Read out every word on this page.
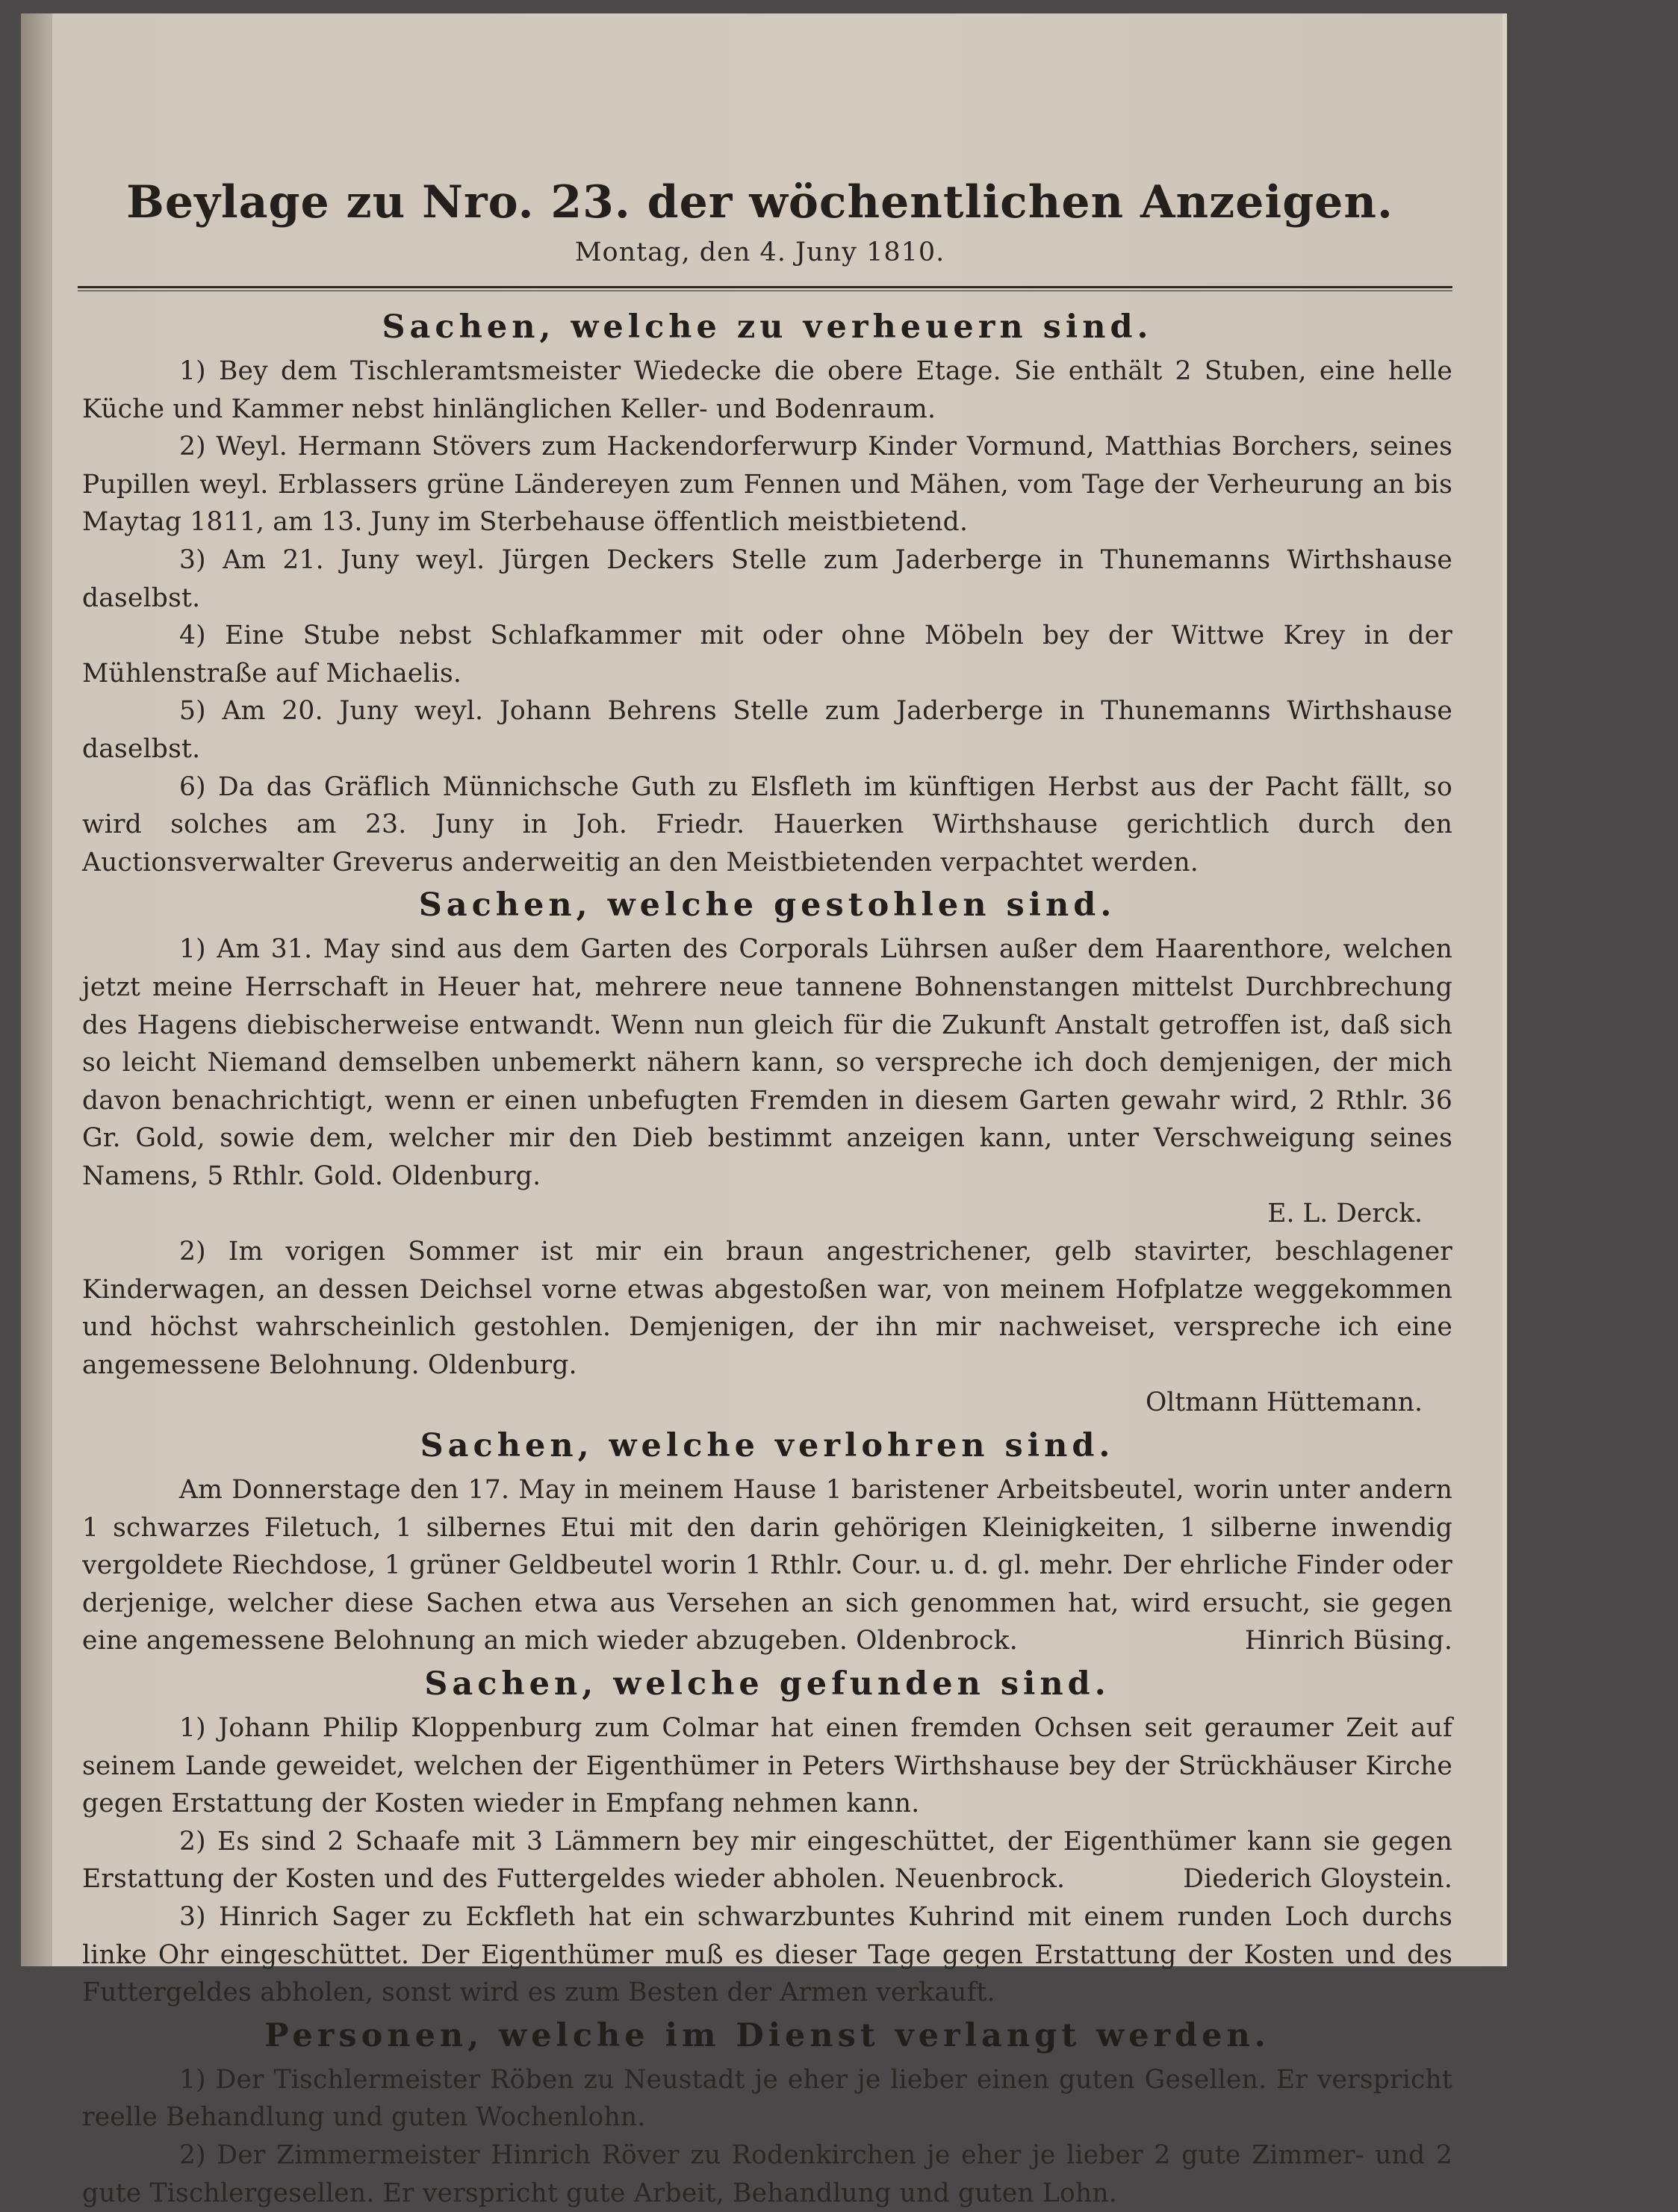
Beylage zu Nro. 23. der wöchentlichen Anzeigen.
Montag, den 4. Juny 1810.
Sachen, welche zu verheuern sind.

1) Bey dem Tischleramtsmeister Wiedecke die obere Etage. Sie enthält 2 Stuben, eine helle Küche und Kammer nebst hinlänglichen Keller- und Bodenraum.

2) Weyl. Hermann Stövers zum Hackendorferwurp Kinder Vormund, Matthias Borchers, seines Pupillen weyl. Erblassers grüne Ländereyen zum Fennen und Mähen, vom Tage der Verheurung an bis Maytag 1811, am 13. Juny im Sterbehause öffentlich meistbietend.

3) Am 21. Juny weyl. Jürgen Deckers Stelle zum Jaderberge in Thunemanns Wirthshause daselbst.

4) Eine Stube nebst Schlafkammer mit oder ohne Möbeln bey der Wittwe Krey in der Mühlenstraße auf Michaelis.

5) Am 20. Juny weyl. Johann Behrens Stelle zum Jaderberge in Thunemanns Wirthshause daselbst.

6) Da das Gräflich Münnichsche Guth zu Elsfleth im künftigen Herbst aus der Pacht fällt, so wird solches am 23. Juny in Joh. Friedr. Hauerken Wirthshause gerichtlich durch den Auctionsverwalter Greverus anderweitig an den Meistbietenden verpachtet werden.

Sachen, welche gestohlen sind.

1) Am 31. May sind aus dem Garten des Corporals Lührsen außer dem Haarenthore, welchen jetzt meine Herrschaft in Heuer hat, mehrere neue tannene Bohnenstangen mittelst Durchbrechung des Hagens diebischerweise entwandt. Wenn nun gleich für die Zukunft Anstalt getroffen ist, daß sich so leicht Niemand demselben unbemerkt nähern kann, so verspreche ich doch demjenigen, der mich davon benachrichtigt, wenn er einen unbefugten Fremden in diesem Garten gewahr wird, 2 Rthlr. 36 Gr. Gold, sowie dem, welcher mir den Dieb bestimmt anzeigen kann, unter Verschweigung seines Namens, 5 Rthlr. Gold. Oldenburg.

E. L. Derck.

2) Im vorigen Sommer ist mir ein braun angestrichener, gelb stavirter, beschlagener Kinderwagen, an dessen Deichsel vorne etwas abgestoßen war, von meinem Hofplatze weggekommen und höchst wahrscheinlich gestohlen. Demjenigen, der ihn mir nachweiset, verspreche ich eine angemessene Belohnung. Oldenburg.

Oltmann Hüttemann.
Sachen, welche verlohren sind.

Am Donnerstage den 17. May in meinem Hause 1 baristener Arbeitsbeutel, worin unter andern 1 schwarzes Filetuch, 1 silbernes Etui mit den darin gehörigen Kleinigkeiten, 1 silberne inwendig vergoldete Riechdose, 1 grüner Geldbeutel worin 1 Rthlr. Cour. u. d. gl. mehr. Der ehrliche Finder oder derjenige, welcher diese Sachen etwa aus Versehen an sich genommen hat, wird ersucht, sie gegen eine angemessene Belohnung an mich wieder abzugeben. Oldenbrock.	Hinrich Büsing.

Sachen, welche gefunden sind.

1) Johann Philip Kloppenburg zum Colmar hat einen fremden Ochsen seit geraumer Zeit auf seinem Lande geweidet, welchen der Eigenthümer in Peters Wirthshause bey der Strückhäuser Kirche gegen Erstattung der Kosten wieder in Empfang nehmen kann.

2) Es sind 2 Schaafe mit 3 Lämmern bey mir eingeschüttet, der Eigenthümer kann sie gegen Erstattung der Kosten und des Futtergeldes wieder abholen. Neuenbrock.	Diederich Gloystein.

3) Hinrich Sager zu Eckfleth hat ein schwarzbuntes Kuhrind mit einem runden Loch durchs linke Ohr eingeschüttet. Der Eigenthümer muß es dieser Tage gegen Erstattung der Kosten und des Futtergeldes abholen, sonst wird es zum Besten der Armen verkauft.

Personen, welche im Dienst verlangt werden.

1) Der Tischlermeister Röben zu Neustadt je eher je lieber einen guten Gesellen. Er verspricht reelle Behandlung und guten Wochenlohn.

2) Der Zimmermeister Hinrich Röver zu Rodenkirchen je eher je lieber 2 gute Zimmer- und 2 gute Tischlergesellen. Er verspricht gute Arbeit, Behandlung und guten Lohn.
